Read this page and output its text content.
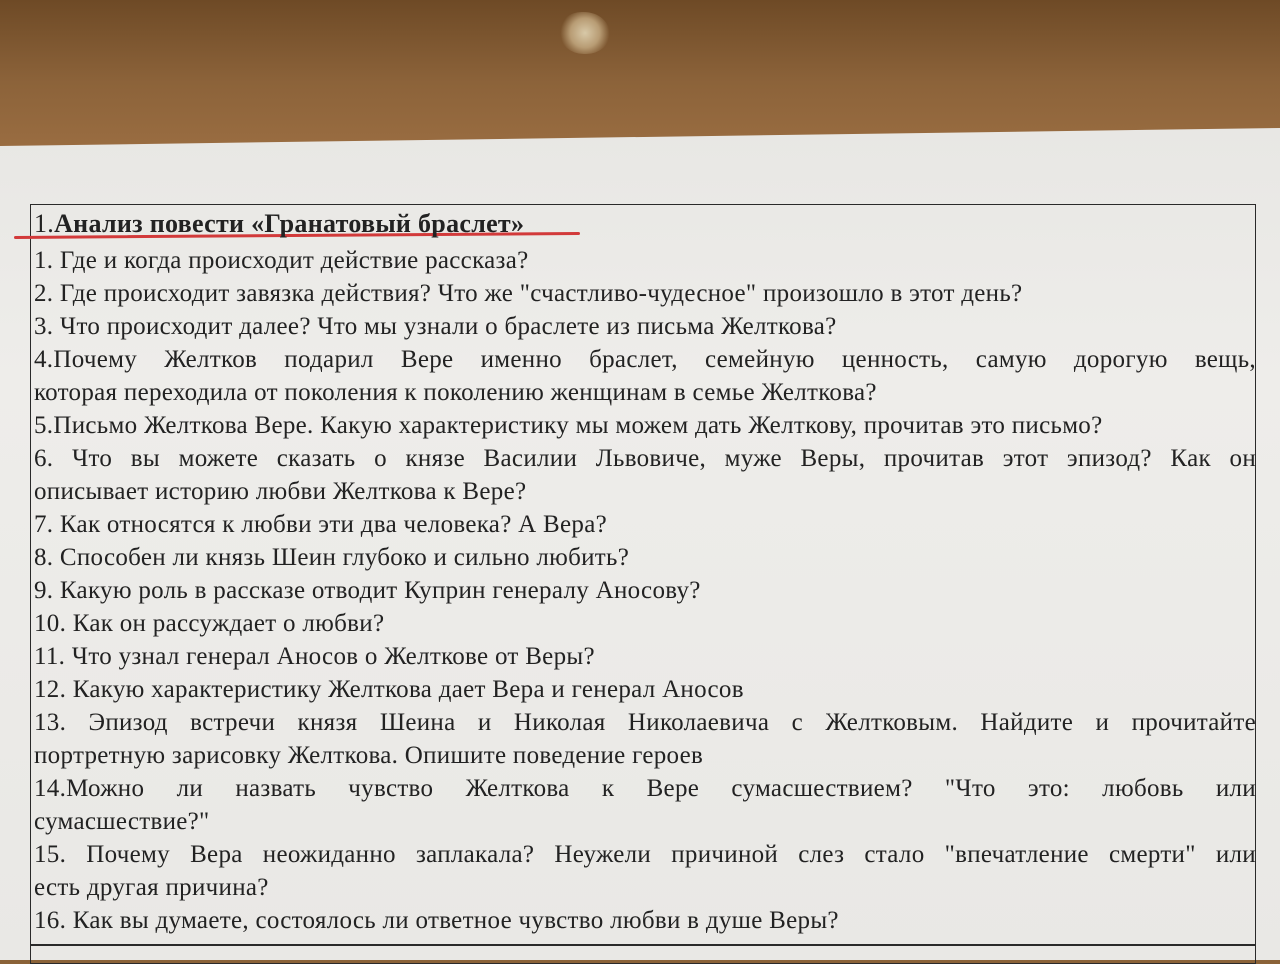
1.Анализ повести «Гранатовый браслет»
1. Где и когда происходит действие рассказа?
2. Где происходит завязка действия? Что же "счастливо-чудесное" произошло в этот день?
3. Что происходит далее? Что мы узнали о браслете из письма Желткова?
4.Почему Желтков подарил Вере именно браслет, семейную ценность, самую дорогую вещь,
которая переходила от поколения к поколению женщинам в семье Желткова?
5.Письмо Желткова Вере. Какую характеристику мы можем дать Желткову, прочитав это письмо?
6. Что вы можете сказать о князе Василии Львовиче, муже Веры, прочитав этот эпизод? Как он
описывает историю любви Желткова к Вере?
7. Как относятся к любви эти два человека? А Вера?
8. Способен ли князь Шеин глубоко и сильно любить?
9. Какую роль в рассказе отводит Куприн генералу Аносову?
10. Как он рассуждает о любви?
11. Что узнал генерал Аносов о Желткове от Веры?
12. Какую характеристику Желткова дает Вера и генерал Аносов
13. Эпизод встречи князя Шеина и Николая Николаевича с Желтковым. Найдите и прочитайте
портретную зарисовку Желткова. Опишите поведение героев
14.Можно ли назвать чувство Желткова к Вере сумасшествием? "Что это: любовь или
сумасшествие?"
15. Почему Вера неожиданно заплакала? Неужели причиной слез стало "впечатление смерти" или
есть другая причина?
16. Как вы думаете, состоялось ли ответное чувство любви в душе Веры?
